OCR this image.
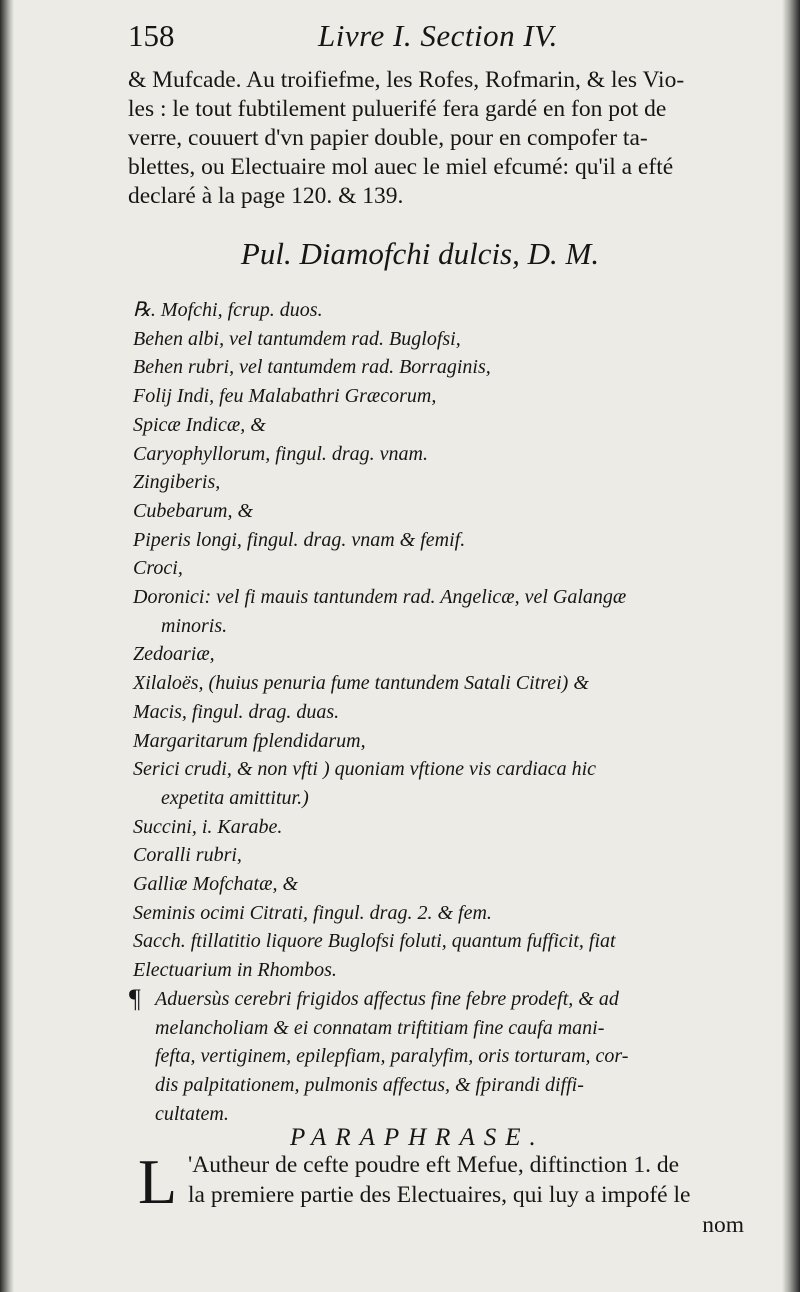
158	Livre I. Section IV.
& Mufcade. Au troifiefme, les Rofes, Rofmarin, & les Vio-
les : le tout fubtilement puluerifé fera gardé en fon pot de
verre, couuert d'vn papier double, pour en compofer ta-
blettes, ou Electuaire mol auec le miel efcumé: qu'il a efté
declaré à la page 120. & 139.
Pul. Diamofchi dulcis, D. M.
℞. Mofchi, fcrup. duos.
Behen albi, vel tantumdem rad. Buglofsi,
Behen rubri, vel tantumdem rad. Borraginis,
Folij Indi, feu Malabathri Græcorum,
Spicæ Indicæ, &
Caryophyllorum, fingul. drag. vnam.
Zingiberis,
Cubebarum, &
Piperis longi, fingul. drag. vnam & femif.
Croci,
Doronici: vel fi mauis tantundem rad. Angelicæ, vel Galangæ
minoris.
Zedoariæ,
Xilaloës, (huius penuria fume tantundem Satali Citrei) &
Macis, fingul. drag. duas.
Margaritarum fplendidarum,
Serici crudi, & non vfti ) quoniam vftione vis cardiaca hic
expetita amittitur.)
Succini, i. Karabe.
Coralli rubri,
Galliæ Mofchatæ, &
Seminis ocimi Citrati, fingul. drag. 2. & fem.
Sacch. ftillatitio liquore Buglofsi foluti, quantum fufficit, fiat
Electuarium in Rhombos.
¶ Aduersùs cerebri frigidos affectus fine febre prodeft, & ad
melancholiam & ei connatam triftitiam fine caufa mani-
fefta, vertiginem, epilepfiam, paralyfim, oris torturam, cor-
dis palpitationem, pulmonis affectus, & fpirandi diffi-
cultatem.
PARAPHRASE.
L 'Autheur de cefte poudre eft Mefue, diftinction 1. de
la premiere partie des Electuaires, qui luy a impofé le
nom
